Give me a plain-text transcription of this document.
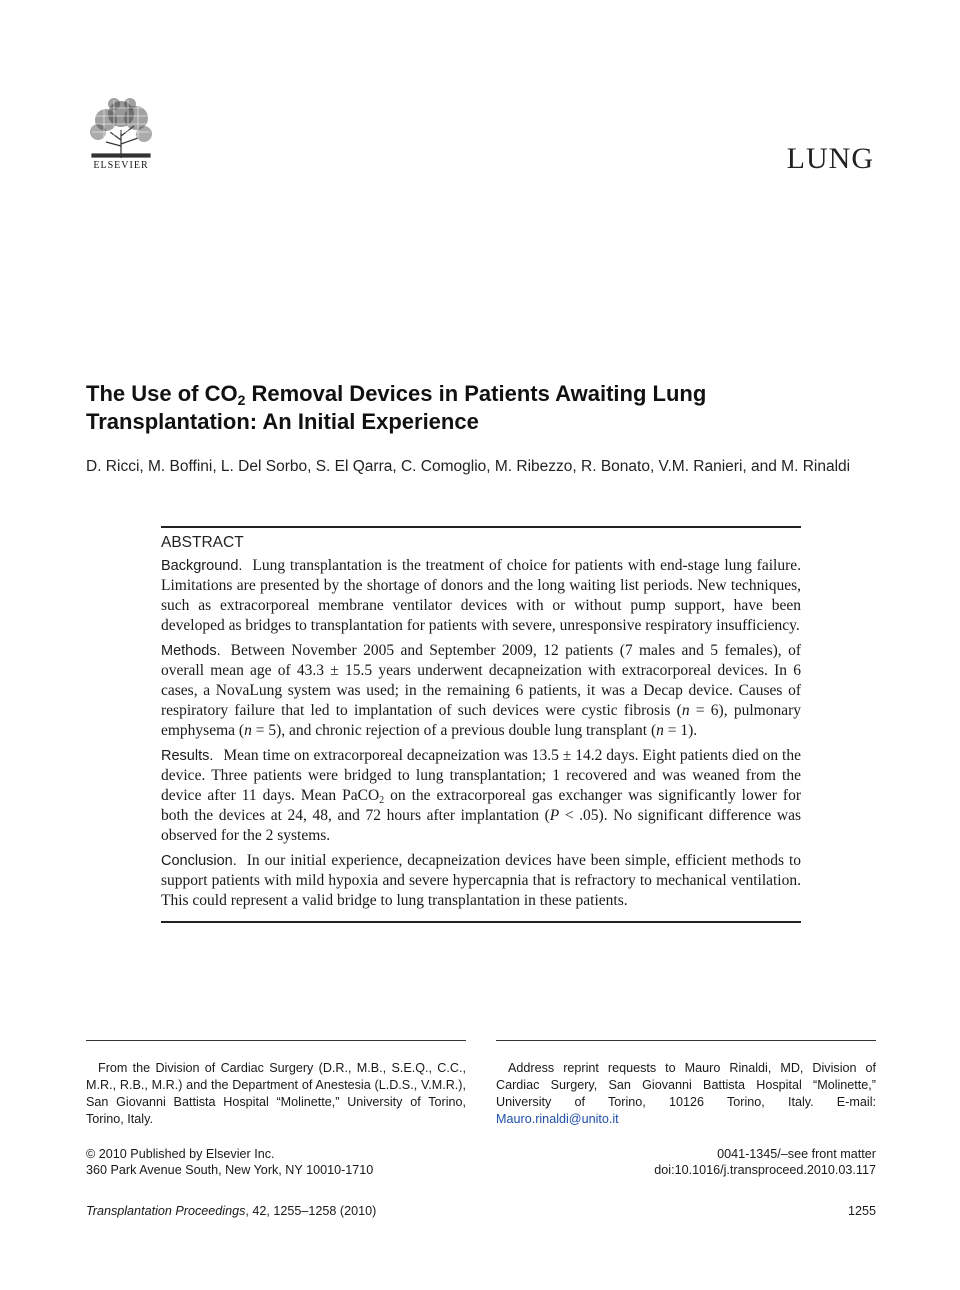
ELSEVIER	LUNG
The Use of $CO_2$ Removal Devices in Patients Awaiting Lung Transplantation: An Initial Experience
D. Ricci, M. Boffini, L. Del Sorbo, S. El Qarra, C. Comoglio, M. Ribezzo, R. Bonato, V.M. Ranieri, and M. Rinaldi
ABSTRACT

Background. Lung transplantation is the treatment of choice for patients with end-stage lung failure. Limitations are presented by the shortage of donors and the long waiting list periods. New techniques, such as extracorporeal membrane ventilator devices with or without pump support, have been developed as bridges to transplantation for patients with severe, unresponsive respiratory insufficiency.

Methods. Between November 2005 and September 2009, 12 patients (7 males and 5 females), of overall mean age of 43.3 ± 15.5 years underwent decapneization with extracorporeal devices. In 6 cases, a NovaLung system was used; in the remaining 6 patients, it was a Decap device. Causes of respiratory failure that led to implantation of such devices were cystic fibrosis (n = 6), pulmonary emphysema (n = 5), and chronic rejection of a previous double lung transplant (n = 1).

Results. Mean time on extracorporeal decapneization was 13.5 ± 14.2 days. Eight patients died on the device. Three patients were bridged to lung transplantation; 1 recovered and was weaned from the device after 11 days. Mean PaCO$_2$ on the extracorporeal gas exchanger was significantly lower for both the devices at 24, 48, and 72 hours after implantation (P < .05). No significant difference was observed for the 2 systems.

Conclusion. In our initial experience, decapneization devices have been simple, efficient methods to support patients with mild hypoxia and severe hypercapnia that is refractory to mechanical ventilation. This could represent a valid bridge to lung transplantation in these patients.

From the Division of Cardiac Surgery (D.R., M.B., S.E.Q., C.C., M.R., R.B., M.R.) and the Department of Anestesia (L.D.S., V.M.R.), San Giovanni Battista Hospital “Molinette,” University of Torino, Torino, Italy.
Address reprint requests to Mauro Rinaldi, MD, Division of Cardiac Surgery, San Giovanni Battista Hospital “Molinette,” University of Torino, 10126 Torino, Italy. E-mail: Mauro.rinaldi@unito.it
© 2010 Published by Elsevier Inc.
360 Park Avenue South, New York, NY 10010-1710
0041-1345/–see front matter
doi:10.1016/j.transproceed.2010.03.117
Transplantation Proceedings, 42, 1255–1258 (2010)	1255
